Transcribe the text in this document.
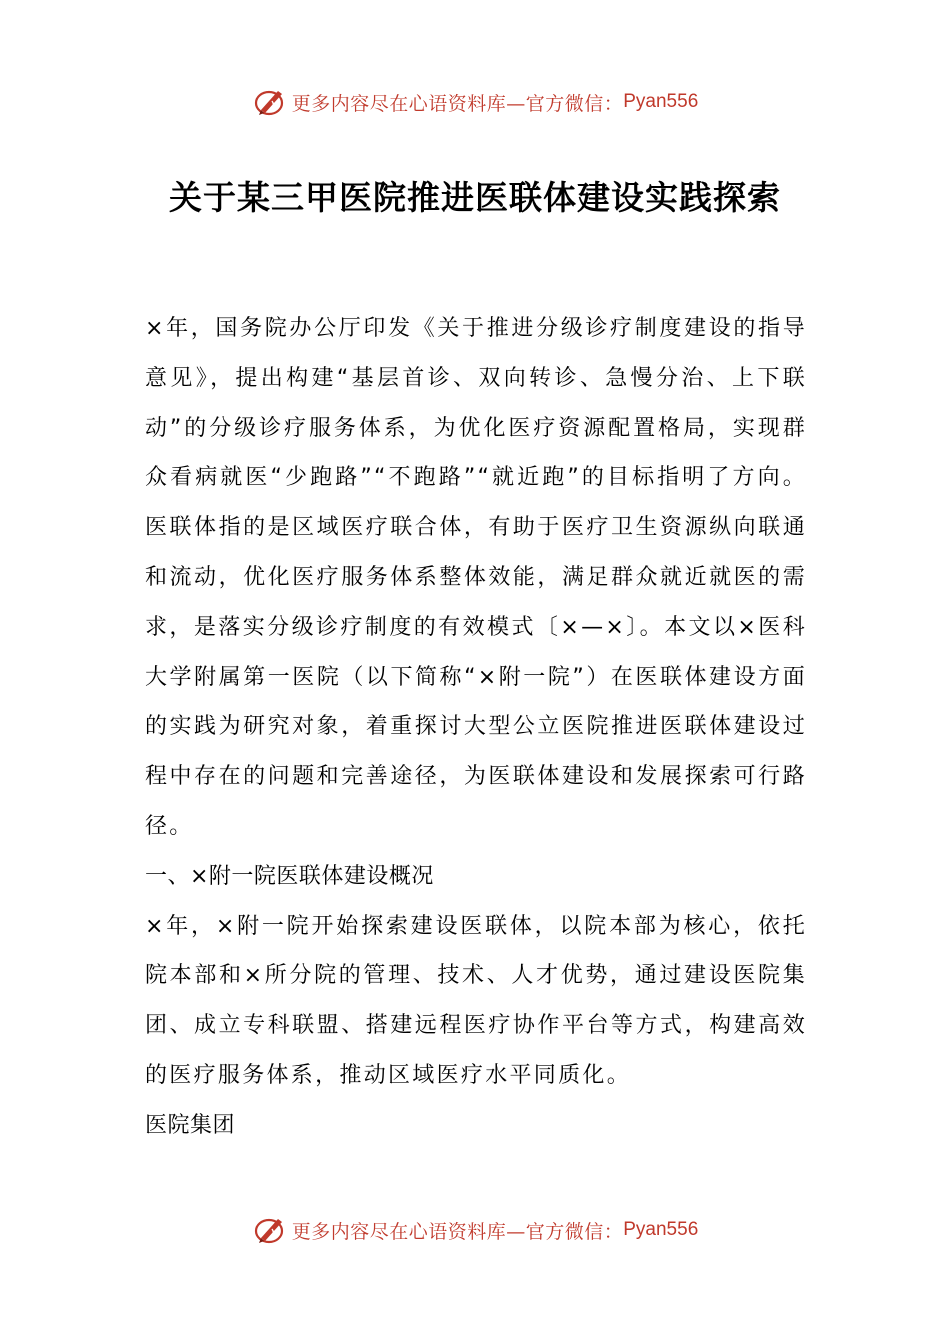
更多内容尽在心语资料库—官方微信： Pyan556
关于某三甲医院推进医联体建设实践探索

×年，国务院办公厅印发《关于推进分级诊疗制度建设的指导意见》，提出构建“基层首诊、双向转诊、急慢分治、上下联动”的分级诊疗服务体系，为优化医疗资源配置格局，实现群众看病就医“少跑路”“不跑路”“就近跑”的目标指明了方向。医联体指的是区域医疗联合体，有助于医疗卫生资源纵向联通和流动，优化医疗服务体系整体效能，满足群众就近就医的需求，是落实分级诊疗制度的有效模式〔×—×〕。本文以×医科大学附属第一医院（以下简称“×附一院”）在医联体建设方面的实践为研究对象，着重探讨大型公立医院推进医联体建设过程中存在的问题和完善途径，为医联体建设和发展探索可行路径。

一、×附一院医联体建设概况

×年，×附一院开始探索建设医联体，以院本部为核心，依托院本部和×所分院的管理、技术、人才优势，通过建设医院集团、成立专科联盟、搭建远程医疗协作平台等方式，构建高效的医疗服务体系，推动区域医疗水平同质化。

医院集团

更多内容尽在心语资料库—官方微信： Pyan556
